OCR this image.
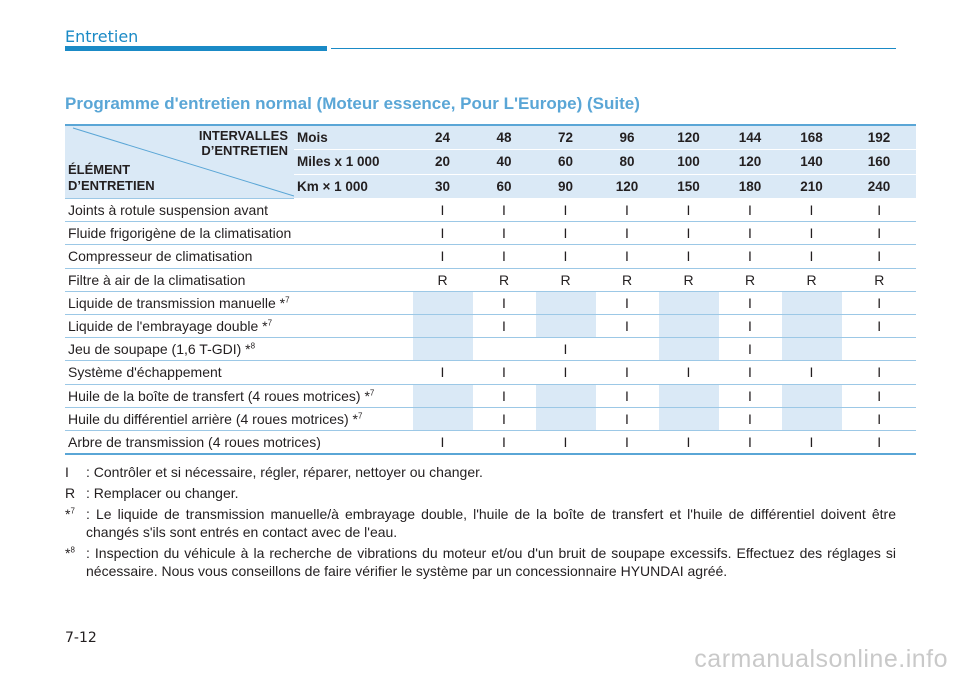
Entretien
Programme d'entretien normal (Moteur essence, Pour L'Europe) (Suite)
INTERVALLES
D’ENTRETIEN
ÉLÉMENT
D’ENTRETIEN	Mois	24	48	72	96	120	144	168	192
	Miles x 1 000	20	40	60	80	100	120	140	160
	Km × 1 000	30	60	90	120	150	180	210	240
Joints à rotule suspension avant		I	I	I	I	I	I	I	I
Fluide frigorigène de la climatisation		I	I	I	I	I	I	I	I
Compresseur de climatisation		I	I	I	I	I	I	I	I
Filtre à air de la climatisation		R	R	R	R	R	R	R	R
Liquide de transmission manuelle *$^7$			I		I		I		I
Liquide de l'embrayage double *$^7$			I		I		I		I
Jeu de soupape (1,6 T-GDI) *$^8$				I			I		
Système d'échappement		I	I	I	I	I	I	I	I
Huile de la boîte de transfert (4 roues motrices) *$^7$			I		I		I		I
Huile du différentiel arrière (4 roues motrices) *$^7$			I		I		I		I
Arbre de transmission (4 roues motrices)		I	I	I	I	I	I	I	I
I	: Contrôler et si nécessaire, régler, réparer, nettoyer ou changer.
R : Remplacer ou changer.
*$^7$ : Le liquide de transmission manuelle/à embrayage double, l'huile de la boîte de transfert et l'huile de différentiel doivent être changés s'ils sont entrés en contact avec de l'eau.
*$^8$ : Inspection du véhicule à la recherche de vibrations du moteur et/ou d'un bruit de soupape excessifs. Effectuez des réglages si nécessaire. Nous vous conseillons de faire vérifier le système par un concessionnaire HYUNDAI agréé.
7-12
carmanualsonline.info
